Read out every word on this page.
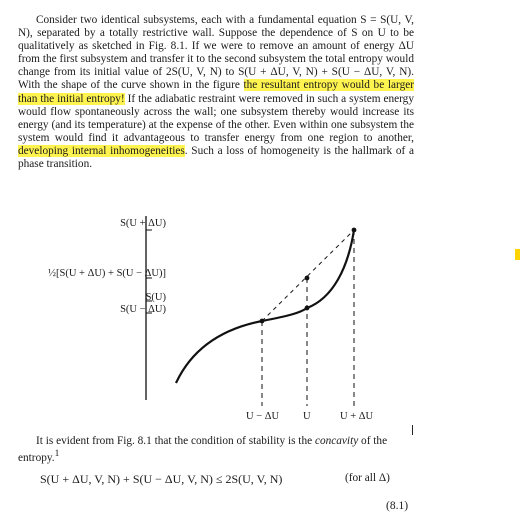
Consider two identical subsystems, each with a fundamental equation S = S(U, V, N), separated by a totally restrictive wall. Suppose the dependence of S on U to be qualitatively as sketched in Fig. 8.1. If we were to remove an amount of energy ΔU from the first subsystem and transfer it to the second subsystem the total entropy would change from its initial value of 2S(U, V, N) to S(U + ΔU, V, N) + S(U − ΔU, V, N). With the shape of the curve shown in the figure the resultant entropy would be larger than the initial entropy! If the adiabatic restraint were removed in such a system energy would flow spontaneously across the wall; one subsystem thereby would increase its energy (and its temperature) at the expense of the other. Even within one subsystem the system would find it advantageous to transfer energy from one region to another, developing internal inhomogeneities. Such a loss of homogeneity is the hallmark of a phase transition.

S(U + ΔU)
½[S(U + ΔU) + S(U − ΔU)]
S(U)
S(U − ΔU)
U − ΔU U	U + ΔU

It is evident from Fig. 8.1 that the condition of stability is the concavity of the entropy.$^1$

S(U + ΔU, V, N) + S(U − ΔU, V, N) ≤ 2S(U, V, N)	(for all Δ)
(8.1)
